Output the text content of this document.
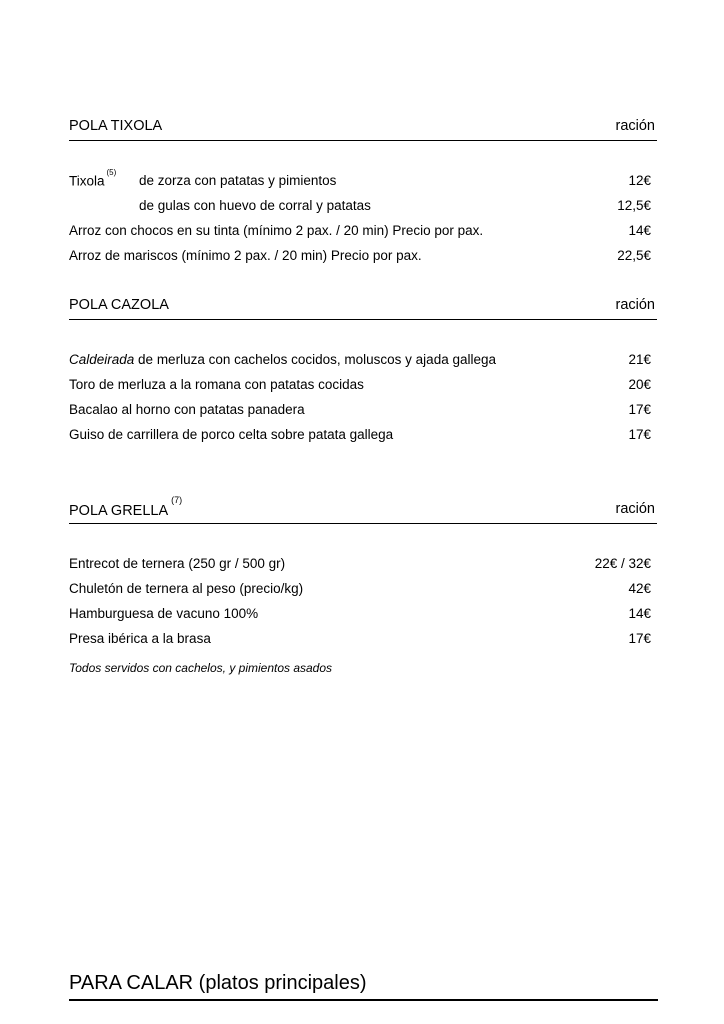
POLA TIXOLA	ración
Tixola$^{(5)}$
de zorza con patatas y pimientos	12€
de gulas con huevo de corral y patatas	12,5€
Arroz con chocos en su tinta (mínimo 2 pax. / 20 min) Precio por pax.	14€
Arroz de mariscos (mínimo 2 pax. / 20 min) Precio por pax.	22,5€
POLA CAZOLA	ración
Caldeirada de merluza con cachelos cocidos, moluscos y ajada gallega	21€
Toro de merluza a la romana con patatas cocidas	20€
Bacalao al horno con patatas panadera	17€
Guiso de carrillera de porco celta sobre patata gallega	17€
POLA GRELLA$^{(7)}$
ración
Entrecot de ternera (250 gr / 500 gr)	22€ / 32€
Chuletón de ternera al peso (precio/kg)	42€
Hamburguesa de vacuno 100%	14€
Presa ibérica a la brasa	17€
Todos servidos con cachelos, y pimientos asados
PARA CALAR (platos principales)
